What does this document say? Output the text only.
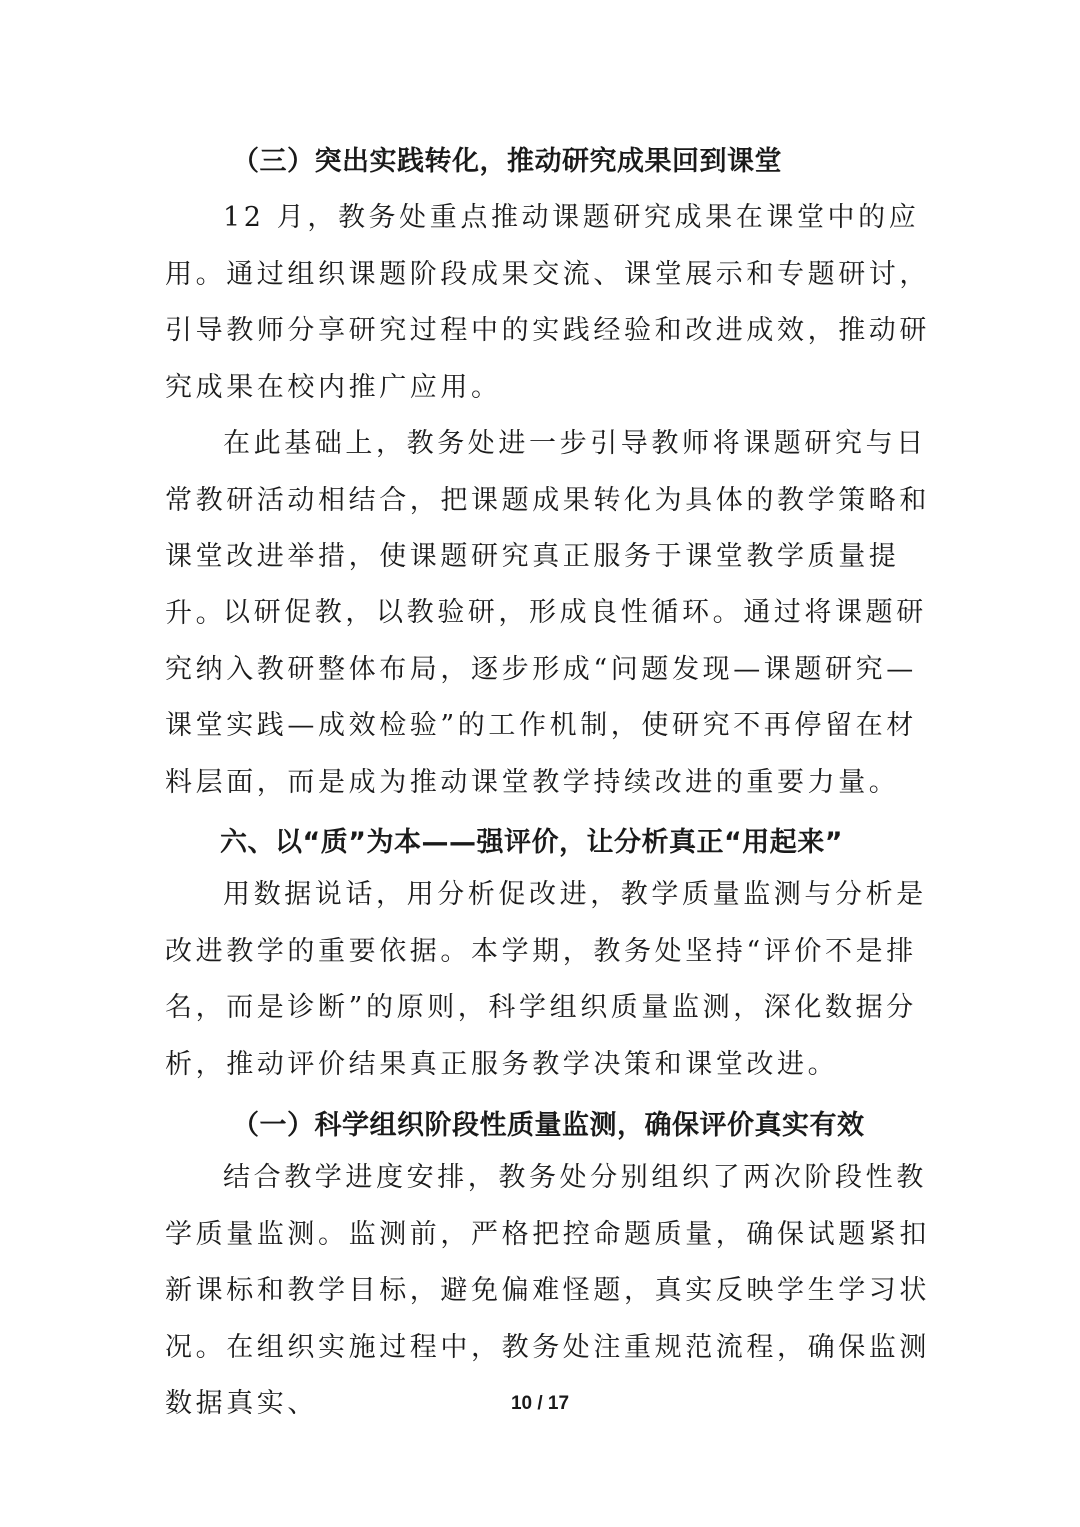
（三）突出实践转化，推动研究成果回到课堂

12 月，教务处重点推动课题研究成果在课堂中的应用。通过组织课题阶段成果交流、课堂展示和专题研讨，引导教师分享研究过程中的实践经验和改进成效，推动研究成果在校内推广应用。

在此基础上，教务处进一步引导教师将课题研究与日常教研活动相结合，把课题成果转化为具体的教学策略和课堂改进举措，使课题研究真正服务于课堂教学质量提升。

以研促教，以教验研，形成良性循环。通过将课题研究纳入教研整体布局，逐步形成“问题发现—课题研究—课堂实践—成效检验”的工作机制，使研究不再停留在材料层面，而是成为推动课堂教学持续改进的重要力量。

六、以“质”为本——强评价，让分析真正“用起来”

用数据说话，用分析促改进，教学质量监测与分析是改进教学的重要依据。本学期，教务处坚持“评价不是排名，而是诊断”的原则，科学组织质量监测，深化数据分析，推动评价结果真正服务教学决策和课堂改进。

（一）科学组织阶段性质量监测，确保评价真实有效

结合教学进度安排，教务处分别组织了两次阶段性教学质量监测。监测前，严格把控命题质量，确保试题紧扣新课标和教学目标，避免偏难怪题，真实反映学生学习状况。在组织实施过程中，教务处注重规范流程，确保监测数据真实、	10 / 17
